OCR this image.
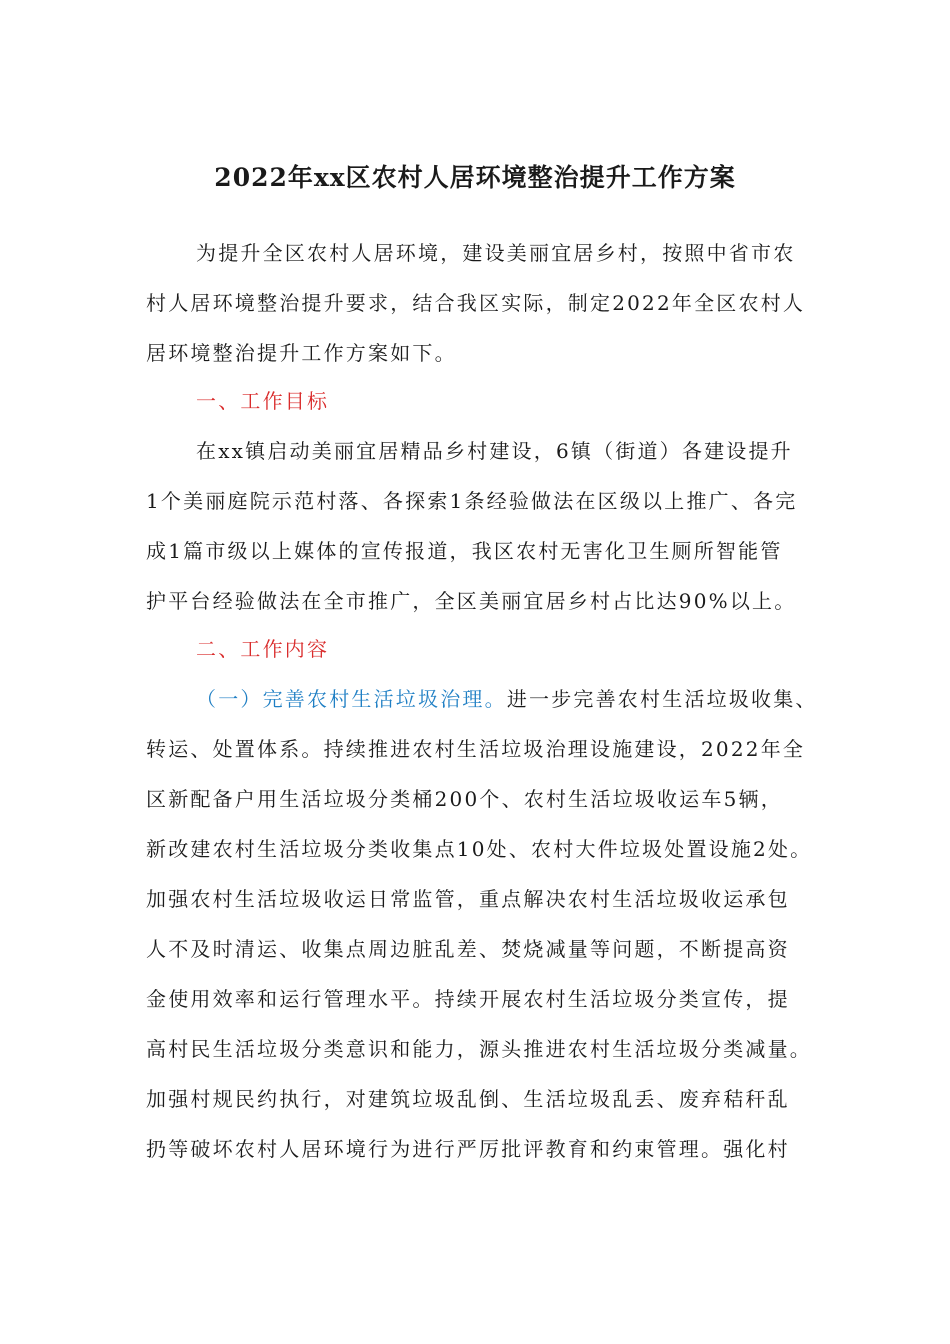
2022年xx区农村人居环境整治提升工作方案
为提升全区农村人居环境，建设美丽宜居乡村，按照中省市农
村人居环境整治提升要求，结合我区实际，制定2022年全区农村人
居环境整治提升工作方案如下。
一、工作目标
在xx镇启动美丽宜居精品乡村建设，6镇（街道）各建设提升
1个美丽庭院示范村落、各探索1条经验做法在区级以上推广、各完
成1篇市级以上媒体的宣传报道，我区农村无害化卫生厕所智能管
护平台经验做法在全市推广，全区美丽宜居乡村占比达90%以上。
二、工作内容
（一）完善农村生活垃圾治理。进一步完善农村生活垃圾收集、
转运、处置体系。持续推进农村生活垃圾治理设施建设，2022年全
区新配备户用生活垃圾分类桶200个、农村生活垃圾收运车5辆，
新改建农村生活垃圾分类收集点10处、农村大件垃圾处置设施2处。
加强农村生活垃圾收运日常监管，重点解决农村生活垃圾收运承包
人不及时清运、收集点周边脏乱差、焚烧减量等问题，不断提高资
金使用效率和运行管理水平。持续开展农村生活垃圾分类宣传，提
高村民生活垃圾分类意识和能力，源头推进农村生活垃圾分类减量。
加强村规民约执行，对建筑垃圾乱倒、生活垃圾乱丢、废弃秸秆乱
扔等破坏农村人居环境行为进行严厉批评教育和约束管理。强化村
